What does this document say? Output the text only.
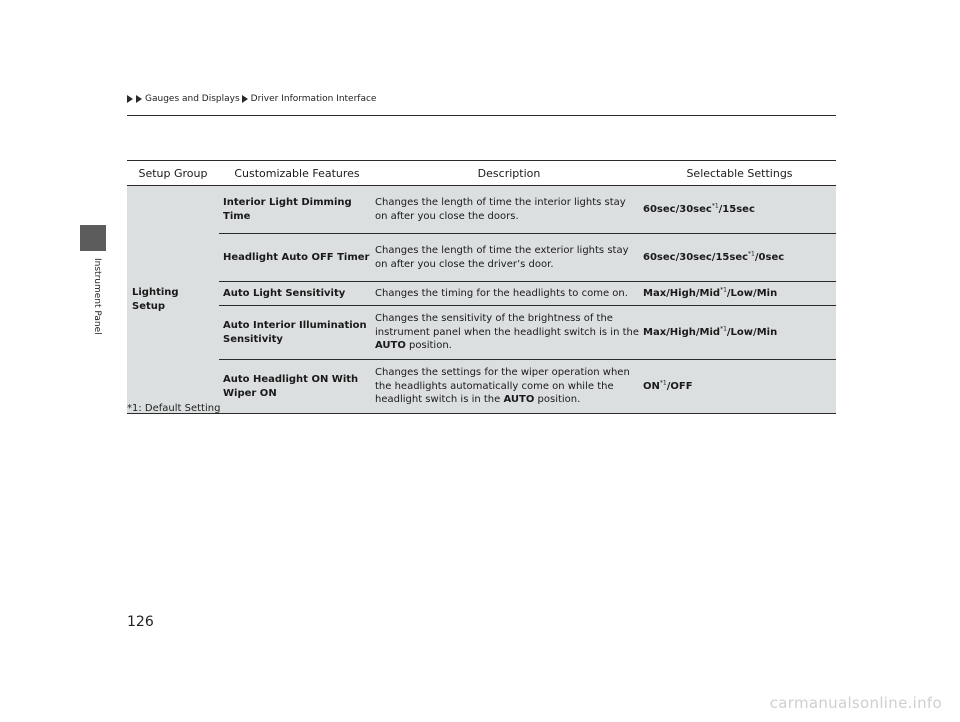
Instrument Panel
Gauges and Displays Driver Information Interface
Setup Group	Customizable Features	Description	Selectable Settings
Lighting
Setup	Interior Light Dimming Time	Changes the length of time the interior lights stay on after you close the doors.	$60\sec/30\sec^{*1}/15\sec$
	Headlight Auto OFF Timer	Changes the length of time the exterior lights stay on after you close the driver’s door.	$60\sec/30\sec/15\sec^{*1}/0\sec$
	Auto Light Sensitivity	Changes the timing for the headlights to come on.	Max/High/Mid$^{*1}$/Low/Min
	Auto Interior Illumination Sensitivity	Changes the sensitivity of the brightness of the instrument panel when the headlight switch is in the AUTO position.	Max/High/Mid$^{*1}$/Low/Min
	Auto Headlight ON With Wiper ON	Changes the settings for the wiper operation when the headlights automatically come on while the headlight switch is in the AUTO position.	ON$^{*1}$/OFF
*1: Default Setting
126
carmanualsonline.info
